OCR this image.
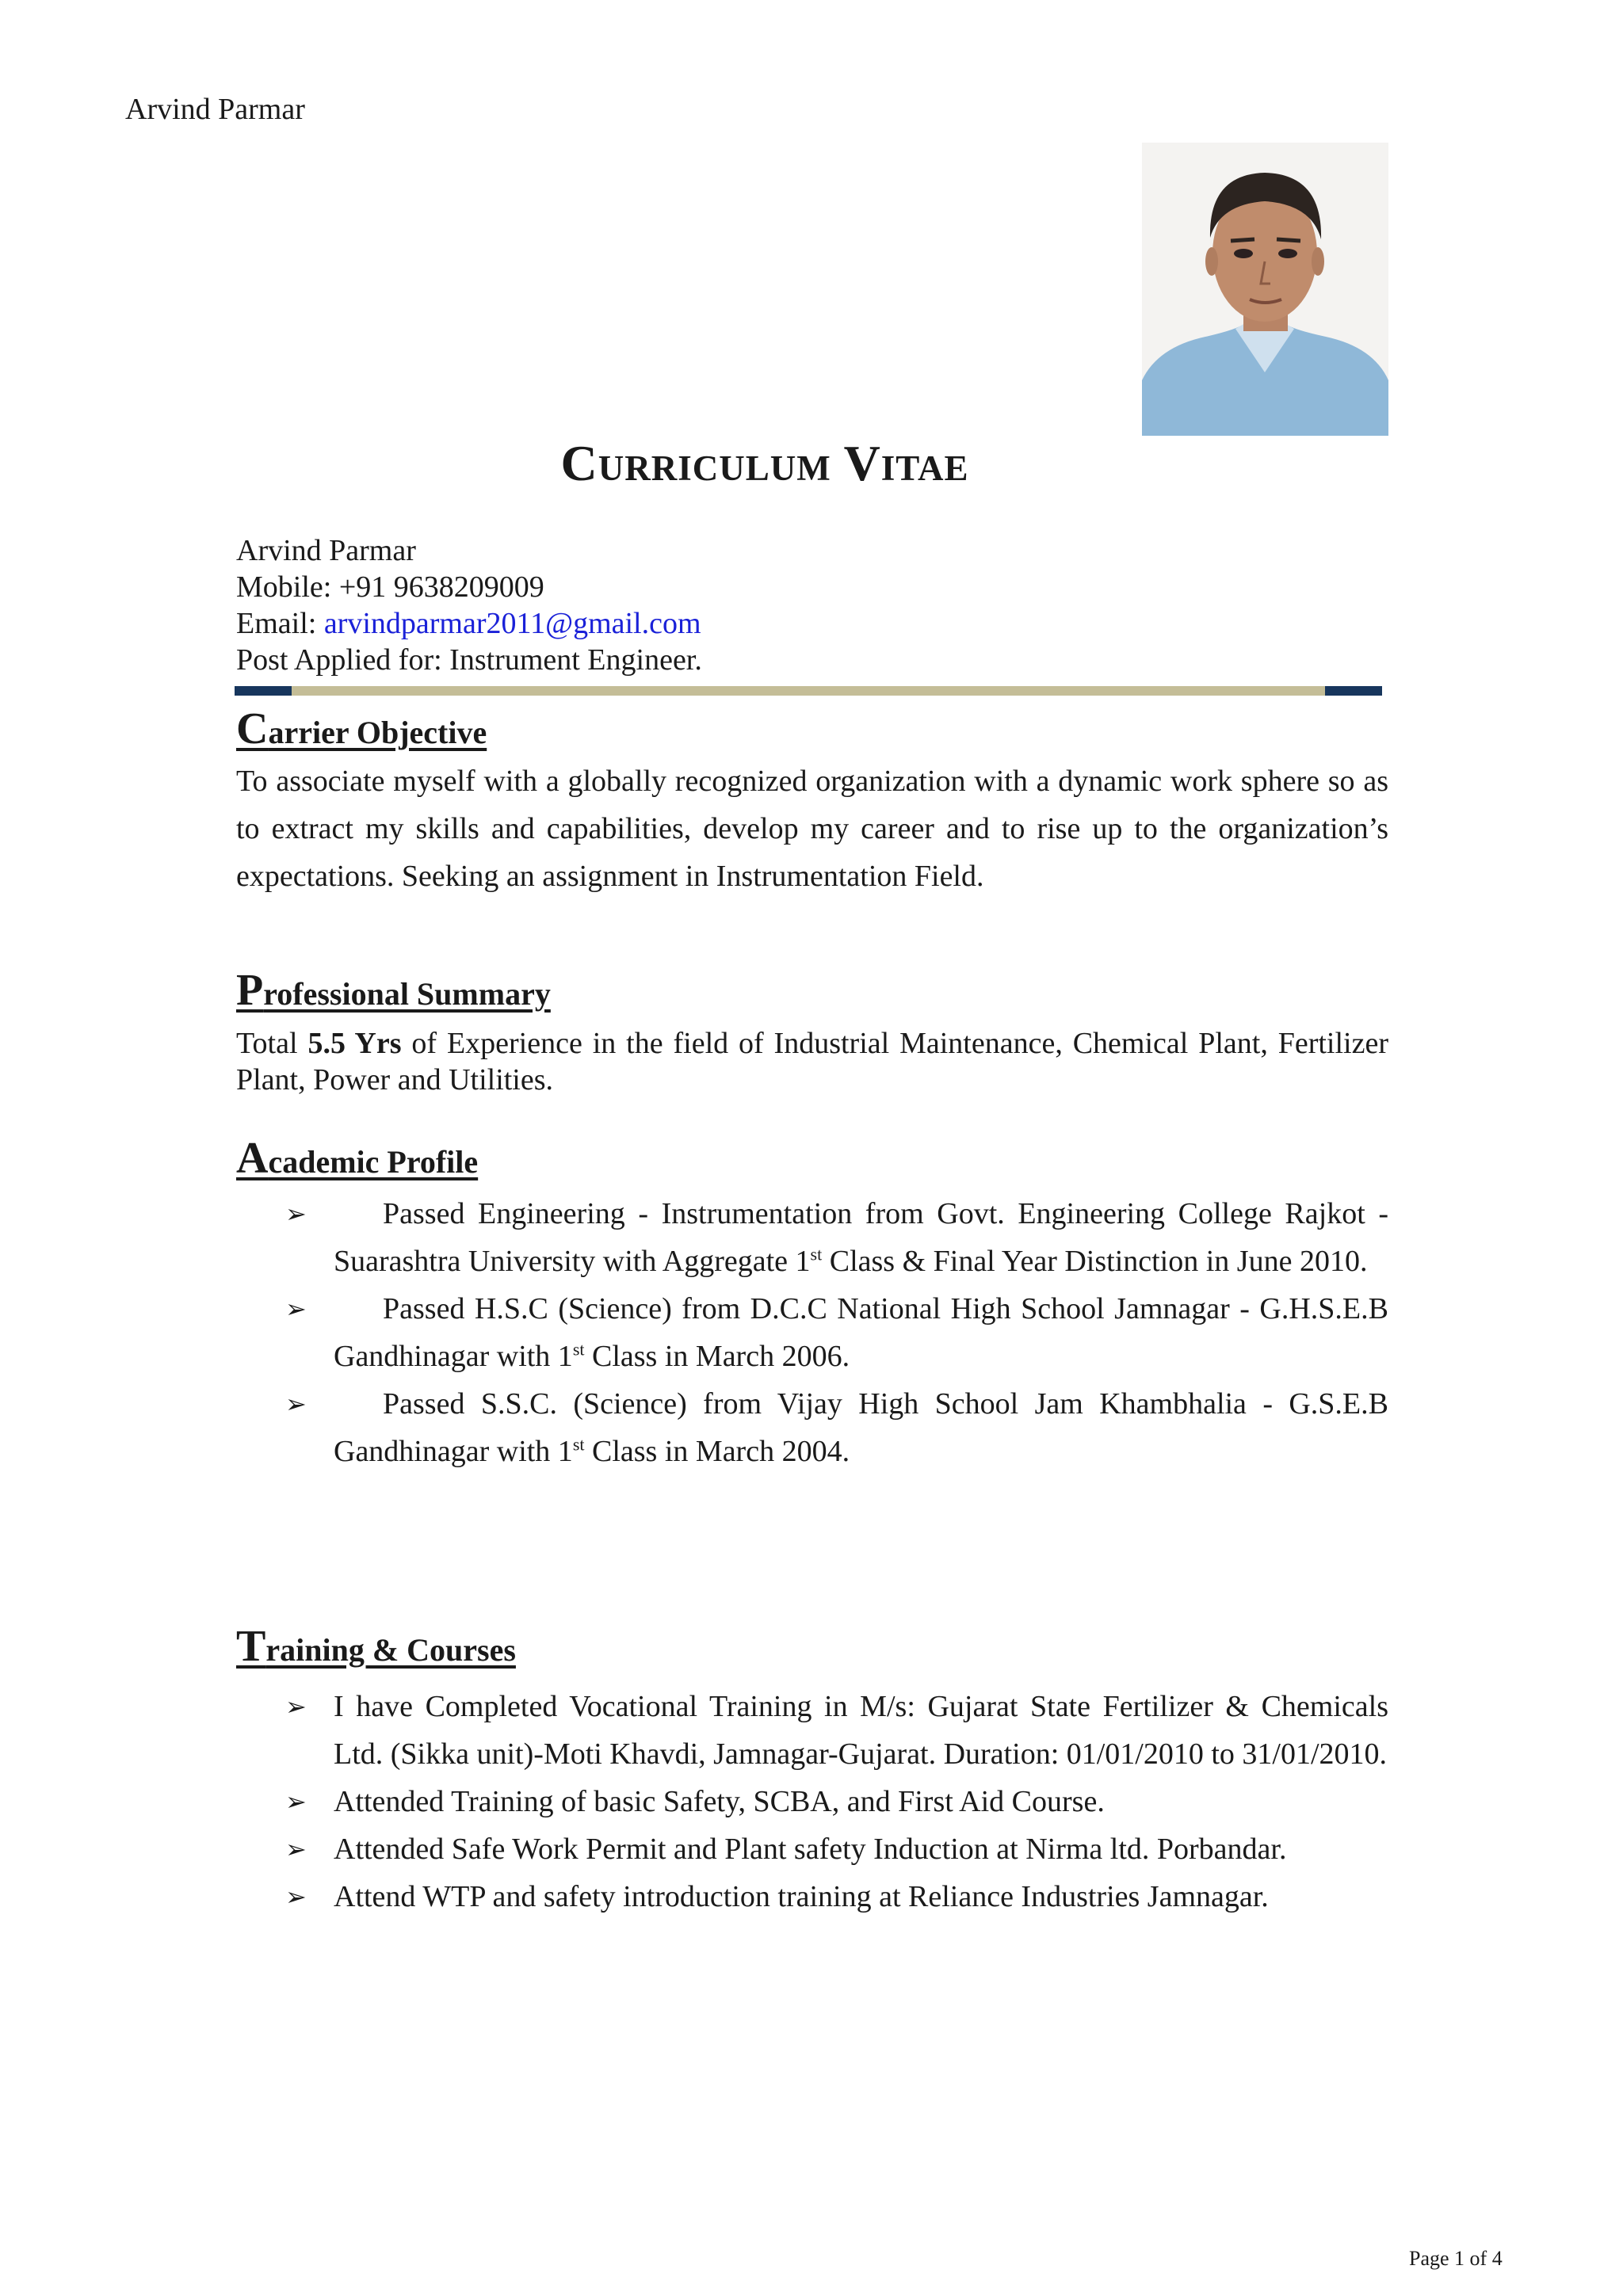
Arvind Parmar
Curriculum Vitae
Arvind Parmar
Mobile: +91 9638209009
Email: arvindparmar2011@gmail.com
Post Applied for: Instrument Engineer.
Carrier Objective
To associate myself with a globally recognized organization with a dynamic work sphere so as to extract my skills and capabilities, develop my career and to rise up to the organization’s expectations. Seeking an assignment in Instrumentation Field.
Professional Summary
Total 5.5 Yrs of Experience in the field of Industrial Maintenance, Chemical Plant, Fertilizer Plant, Power and Utilities.
Academic Profile
➢	Passed Engineering - Instrumentation from Govt. Engineering College Rajkot - Suarashtra University with Aggregate 1st Class & Final Year Distinction in June 2010.
➢	Passed H.S.C (Science) from D.C.C National High School Jamnagar - G.H.S.E.B Gandhinagar with 1st Class in March 2006.
➢	Passed S.S.C. (Science) from Vijay High School Jam Khambhalia - G.S.E.B Gandhinagar with 1st Class in March 2004.
Training & Courses
➢ I have Completed Vocational Training in M/s: Gujarat State Fertilizer & Chemicals Ltd. (Sikka unit)-Moti Khavdi, Jamnagar-Gujarat. Duration: 01/01/2010 to 31/01/2010.
➢ Attended Training of basic Safety, SCBA, and First Aid Course.
➢ Attended Safe Work Permit and Plant safety Induction at Nirma ltd. Porbandar.
➢ Attend WTP and safety introduction training at Reliance Industries Jamnagar.
Page 1 of 4
